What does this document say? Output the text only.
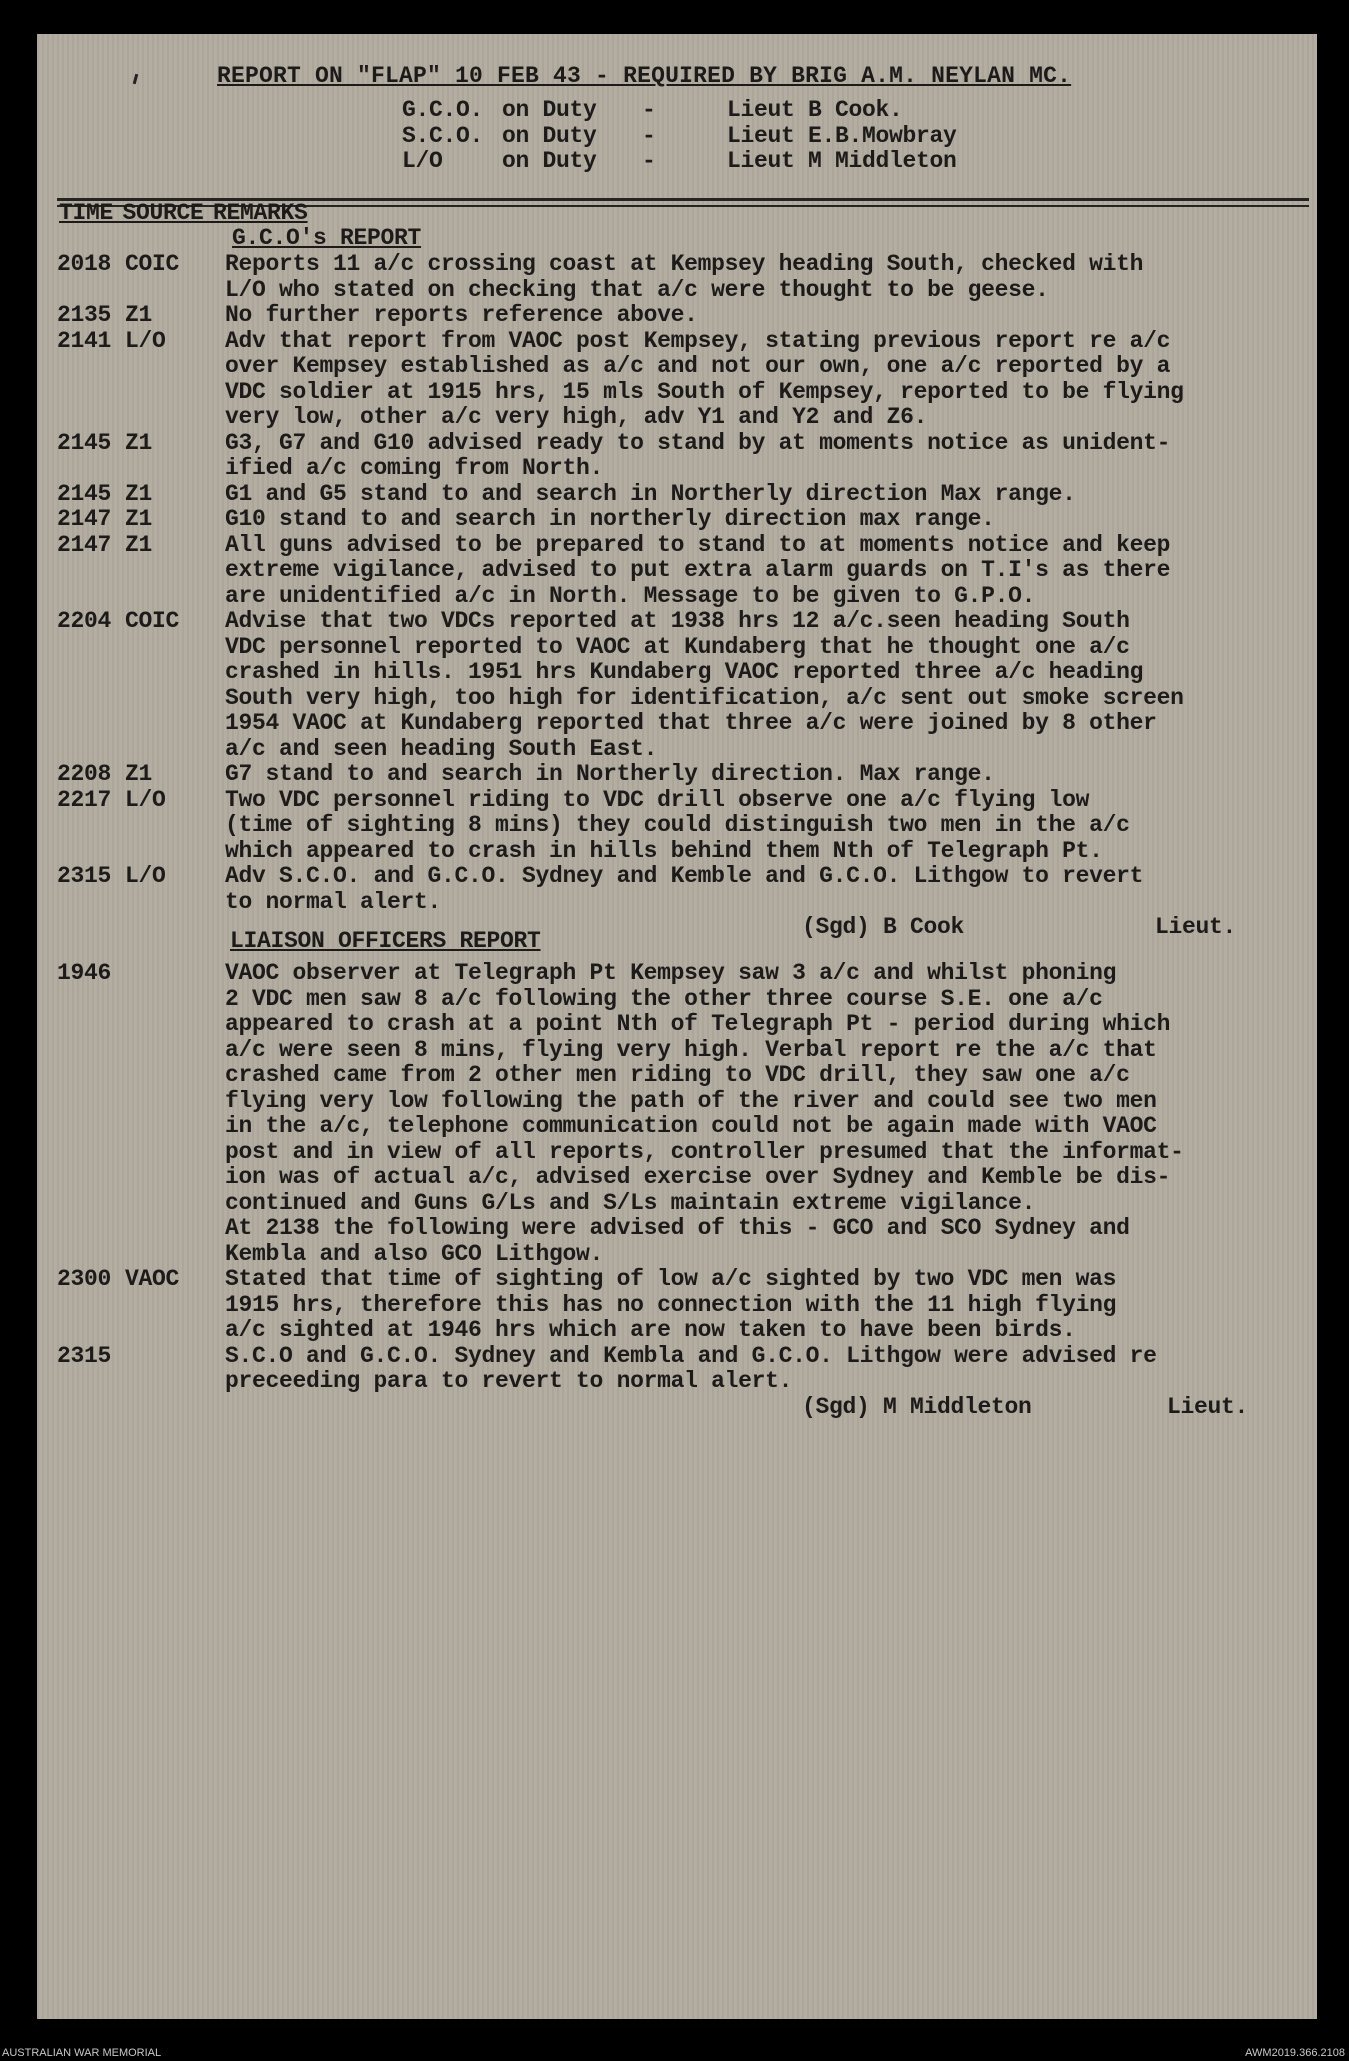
REPORT ON "FLAP" 10 FEB 43 - REQUIRED BY BRIG A.M. NEYLAN MC.
G.C.O. on Duty	-	Lieut B Cook.
S.C.O. on Duty	-	Lieut E.B.Mowbray
L/O	on Duty	-	Lieut M Middleton
TIME SOURCE REMARKS
G.C.O's REPORT
2018 COIC	Reports 11 a/c crossing coast at Kempsey heading South, checked with
L/O who stated on checking that a/c were thought to be geese.
2135 Z1	No further reports reference above.
2141 L/O	Adv that report from VAOC post Kempsey, stating previous report re a/c
over Kempsey established as a/c and not our own, one a/c reported by a
VDC soldier at 1915 hrs, 15 mls South of Kempsey, reported to be flying
very low, other a/c very high, adv Y1 and Y2 and Z6.
2145 Z1	G3, G7 and G10 advised ready to stand by at moments notice as unident-
ified a/c coming from North.
2145 Z1	G1 and G5 stand to and search in Northerly direction Max range.
2147 Z1	G10 stand to and search in northerly direction max range.
2147 Z1	All guns advised to be prepared to stand to at moments notice and keep
extreme vigilance, advised to put extra alarm guards on T.I's as there
are unidentified a/c in North. Message to be given to G.P.O.
2204 COIC	Advise that two VDCs reported at 1938 hrs 12 a/c.seen heading South
VDC personnel reported to VAOC at Kundaberg that he thought one a/c
crashed in hills. 1951 hrs Kundaberg VAOC reported three a/c heading
South very high, too high for identification, a/c sent out smoke screen
1954 VAOC at Kundaberg reported that three a/c were joined by 8 other
a/c and seen heading South East.
2208 Z1	G7 stand to and search in Northerly direction. Max range.
2217 L/O	Two VDC personnel riding to VDC drill observe one a/c flying low
(time of sighting 8 mins) they could distinguish two men in the a/c
which appeared to crash in hills behind them Nth of Telegraph Pt.
2315 L/O	Adv S.C.O. and G.C.O. Sydney and Kemble and G.C.O. Lithgow to revert
to normal alert.
(Sgd) B Cook	Lieut.
LIAISON OFFICERS REPORT
1946	VAOC observer at Telegraph Pt Kempsey saw 3 a/c and whilst phoning
2 VDC men saw 8 a/c following the other three course S.E. one a/c
appeared to crash at a point Nth of Telegraph Pt - period during which
a/c were seen 8 mins, flying very high. Verbal report re the a/c that
crashed came from 2 other men riding to VDC drill, they saw one a/c
flying very low following the path of the river and could see two men
in the a/c, telephone communication could not be again made with VAOC
post and in view of all reports, controller presumed that the informat-
ion was of actual a/c, advised exercise over Sydney and Kemble be dis-
continued and Guns G/Ls and S/Ls maintain extreme vigilance.
At 2138 the following were advised of this - GCO and SCO Sydney and
Kembla and also GCO Lithgow.
2300 VAOC	Stated that time of sighting of low a/c sighted by two VDC men was
1915 hrs, therefore this has no connection with the 11 high flying
a/c sighted at 1946 hrs which are now taken to have been birds.
2315	S.C.O and G.C.O. Sydney and Kembla and G.C.O. Lithgow were advised re
preceeding para to revert to normal alert.
(Sgd) M Middleton	Lieut.
AUSTRALIAN WAR MEMORIAL	AWM2019.366.2108
